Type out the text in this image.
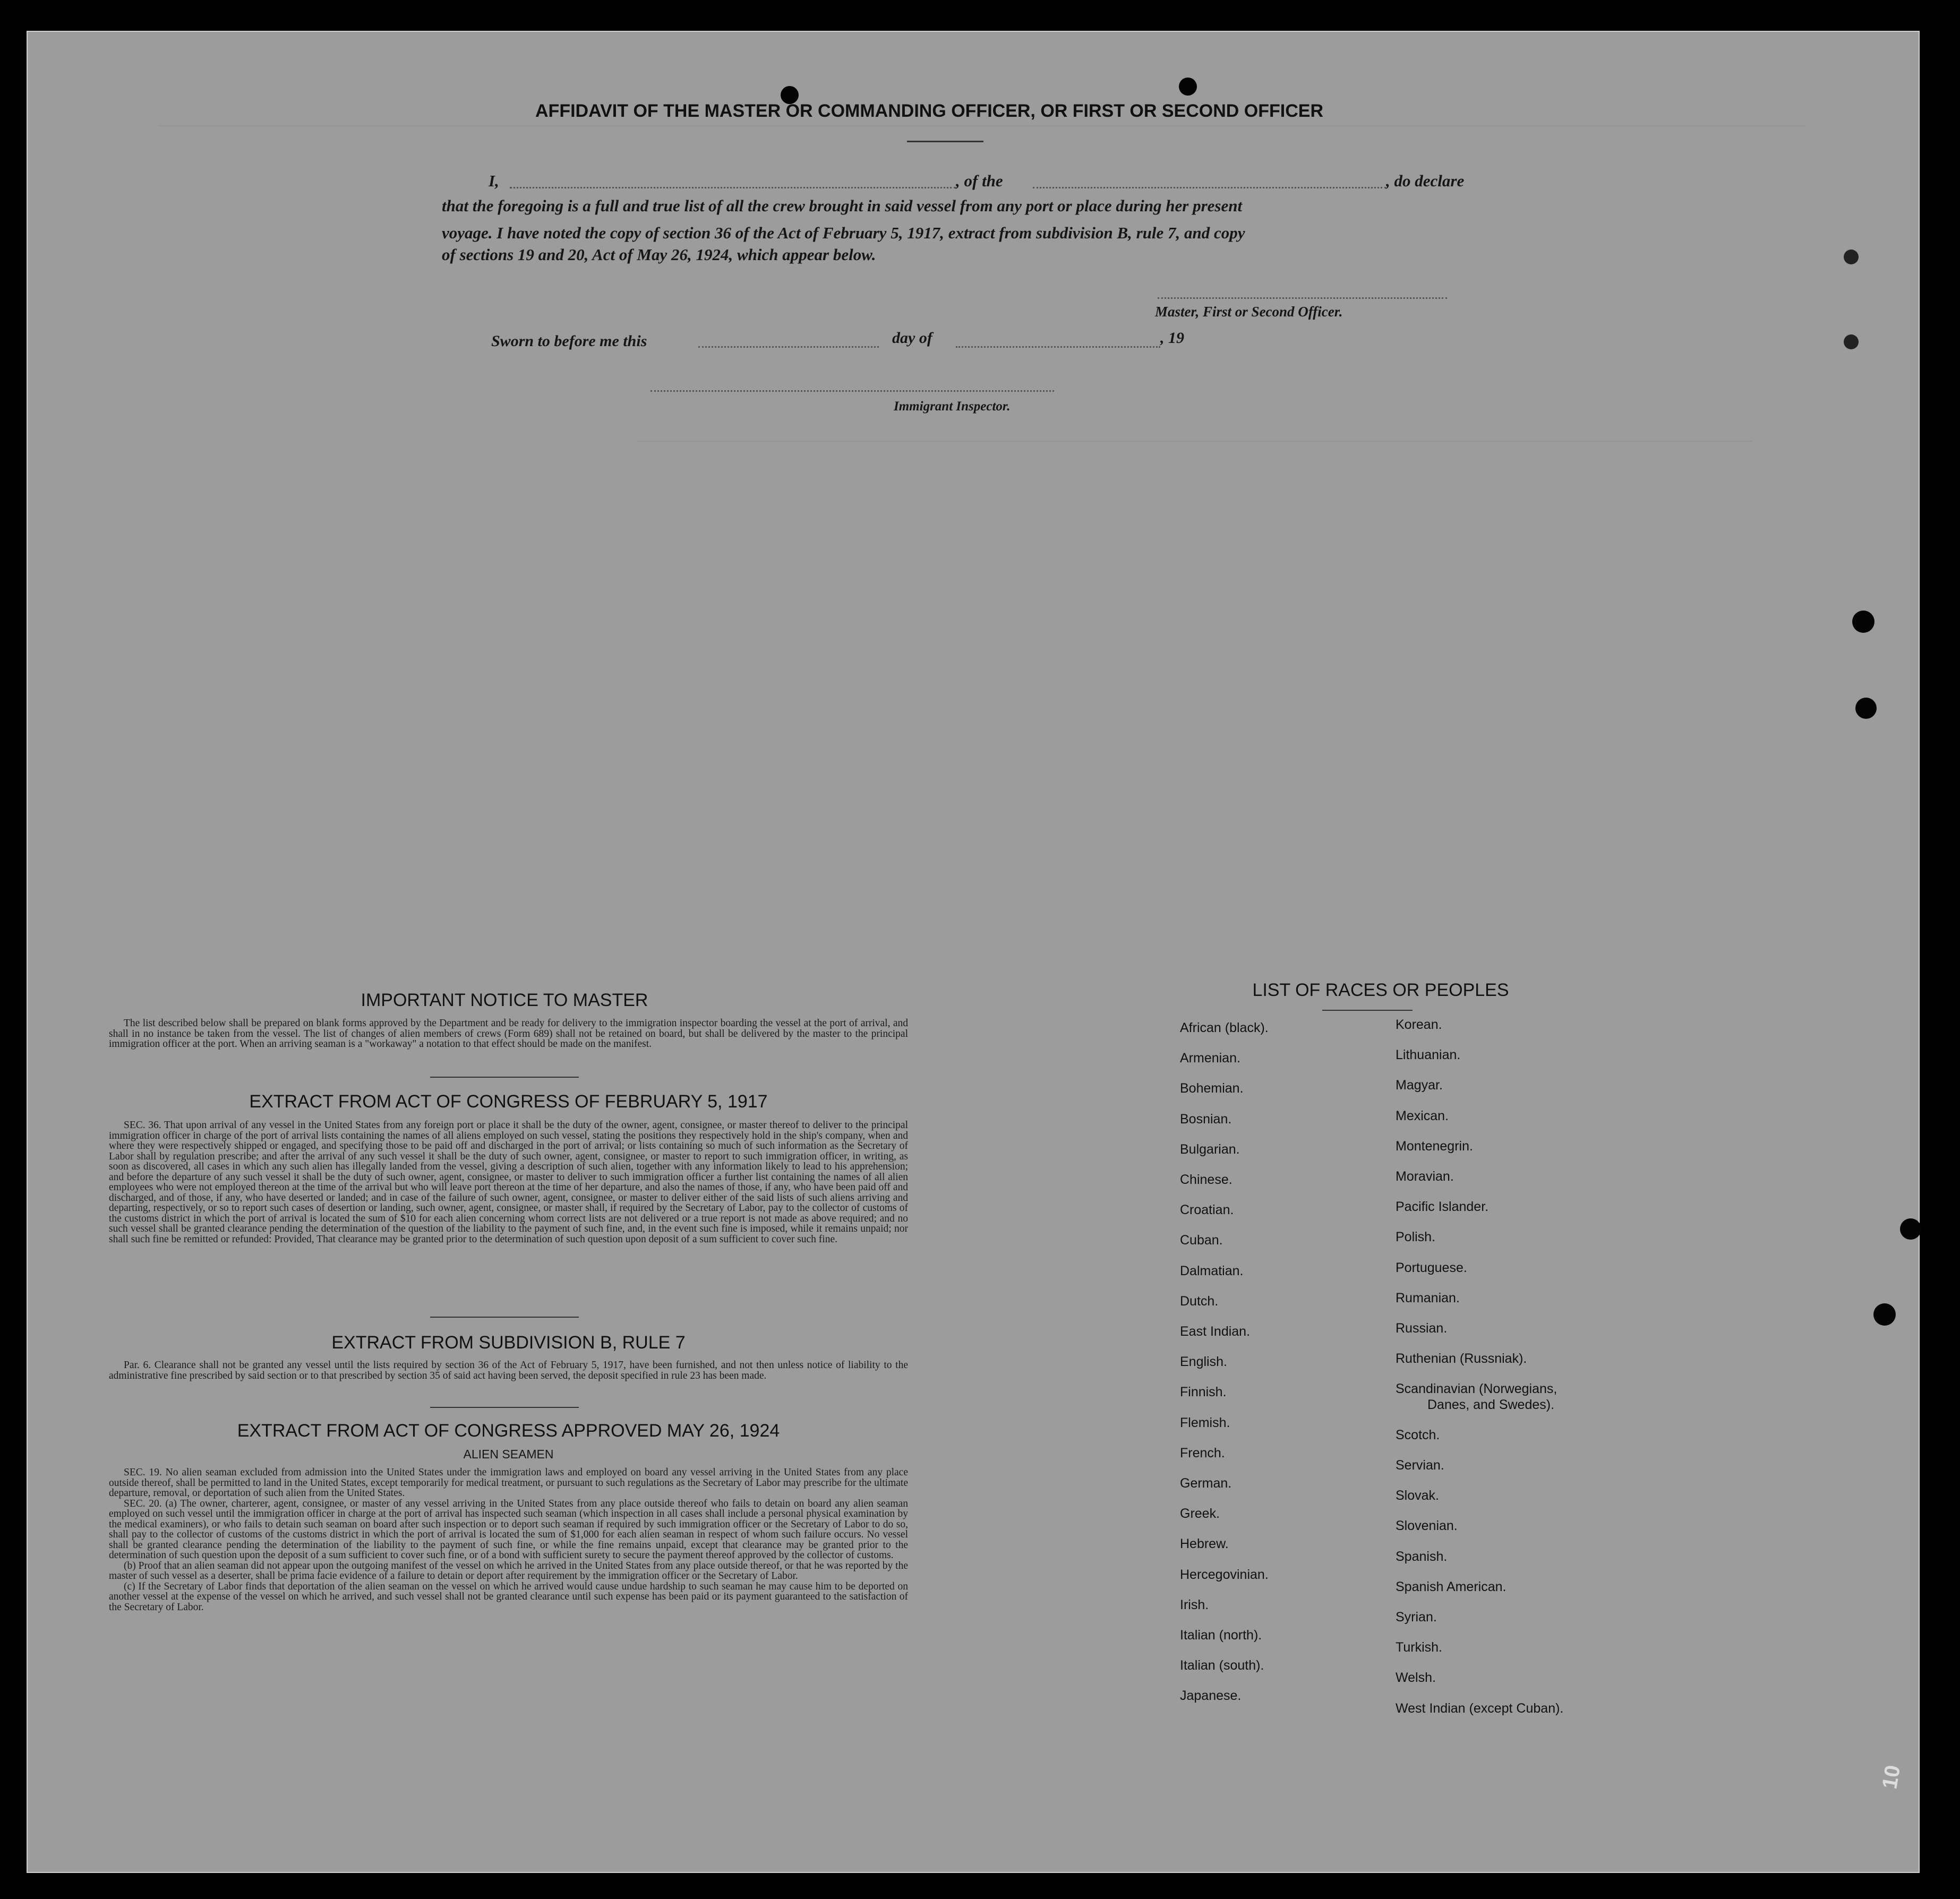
AFFIDAVIT OF THE MASTER OR COMMANDING OFFICER, OR FIRST OR SECOND OFFICER
I,	, of the	, do declare
that the foregoing is a full and true list of all the crew brought in said vessel from any port or place during her present
voyage. I have noted the copy of section 36 of the Act of February 5, 1917, extract from subdivision B, rule 7, and copy
of sections 19 and 20, Act of May 26, 1924, which appear below.
Master, First or Second Officer.
Sworn to before me this	day of	, 19
Immigrant Inspector.
IMPORTANT NOTICE TO MASTER

The list described below shall be prepared on blank forms approved by the Department and be ready for delivery to the immigration inspector boarding the vessel at the port of arrival, and shall in no instance be taken from the vessel. The list of changes of alien members of crews (Form 689) shall not be retained on board, but shall be delivered by the master to the principal immigration officer at the port. When an arriving seaman is a "workaway" a notation to that effect should be made on the manifest.

EXTRACT FROM ACT OF CONGRESS OF FEBRUARY 5, 1917

SEC. 36. That upon arrival of any vessel in the United States from any foreign port or place it shall be the duty of the owner, agent, consignee, or master thereof to deliver to the principal immigration officer in charge of the port of arrival lists containing the names of all aliens employed on such vessel, stating the positions they respectively hold in the ship's company, when and where they were respectively shipped or engaged, and specifying those to be paid off and discharged in the port of arrival; or lists containing so much of such information as the Secretary of Labor shall by regulation prescribe; and after the arrival of any such vessel it shall be the duty of such owner, agent, consignee, or master to report to such immigration officer, in writing, as soon as discovered, all cases in which any such alien has illegally landed from the vessel, giving a description of such alien, together with any information likely to lead to his apprehension; and before the departure of any such vessel it shall be the duty of such owner, agent, consignee, or master to deliver to such immigration officer a further list containing the names of all alien employees who were not employed thereon at the time of the arrival but who will leave port thereon at the time of her departure, and also the names of those, if any, who have been paid off and discharged, and of those, if any, who have deserted or landed; and in case of the failure of such owner, agent, consignee, or master to deliver either of the said lists of such aliens arriving and departing, respectively, or so to report such cases of desertion or landing, such owner, agent, consignee, or master shall, if required by the Secretary of Labor, pay to the collector of customs of the customs district in which the port of arrival is located the sum of $10 for each alien concerning whom correct lists are not delivered or a true report is not made as above required; and no such vessel shall be granted clearance pending the determination of the question of the liability to the payment of such fine, and, in the event such fine is imposed, while it remains unpaid; nor shall such fine be remitted or refunded: Provided, That clearance may be granted prior to the determination of such question upon deposit of a sum sufficient to cover such fine.

EXTRACT FROM SUBDIVISION B, RULE 7

Par. 6. Clearance shall not be granted any vessel until the lists required by section 36 of the Act of February 5, 1917, have been furnished, and not then unless notice of liability to the administrative fine prescribed by said section or to that prescribed by section 35 of said act having been served, the deposit specified in rule 23 has been made.

EXTRACT FROM ACT OF CONGRESS APPROVED MAY 26, 1924
ALIEN SEAMEN

SEC. 19. No alien seaman excluded from admission into the United States under the immigration laws and employed on board any vessel arriving in the United States from any place outside thereof, shall be permitted to land in the United States, except temporarily for medical treatment, or pursuant to such regulations as the Secretary of Labor may prescribe for the ultimate departure, removal, or deportation of such alien from the United States.

SEC. 20. (a) The owner, charterer, agent, consignee, or master of any vessel arriving in the United States from any place outside thereof who fails to detain on board any alien seaman employed on such vessel until the immigration officer in charge at the port of arrival has inspected such seaman (which inspection in all cases shall include a personal physical examination by the medical examiners), or who fails to detain such seaman on board after such inspection or to deport such seaman if required by such immigration officer or the Secretary of Labor to do so, shall pay to the collector of customs of the customs district in which the port of arrival is located the sum of $1,000 for each alien seaman in respect of whom such failure occurs. No vessel shall be granted clearance pending the determination of the liability to the payment of such fine, or while the fine remains unpaid, except that clearance may be granted prior to the determination of such question upon the deposit of a sum sufficient to cover such fine, or of a bond with sufficient surety to secure the payment thereof approved by the collector of customs.

(b) Proof that an alien seaman did not appear upon the outgoing manifest of the vessel on which he arrived in the United States from any place outside thereof, or that he was reported by the master of such vessel as a deserter, shall be prima facie evidence of a failure to detain or deport after requirement by the immigration officer or the Secretary of Labor.

(c) If the Secretary of Labor finds that deportation of the alien seaman on the vessel on which he arrived would cause undue hardship to such seaman he may cause him to be deported on another vessel at the expense of the vessel on which he arrived, and such vessel shall not be granted clearance until such expense has been paid or its payment guaranteed to the satisfaction of the Secretary of Labor.

LIST OF RACES OR PEOPLES
African (black).
Armenian.
Bohemian.
Bosnian.
Bulgarian.
Chinese.
Croatian.
Cuban.
Dalmatian.
Dutch.
East Indian.
English.
Finnish.
Flemish.
French.
German.
Greek.
Hebrew.
Hercegovinian.
Irish.
Italian (north).
Italian (south).
Japanese.
Korean.
Lithuanian.
Magyar.
Mexican.
Montenegrin.
Moravian.
Pacific Islander.
Polish.
Portuguese.
Rumanian.
Russian.
Ruthenian (Russniak).
Scandinavian (Norwegians,
Danes, and Swedes).
Scotch.
Servian.
Slovak.
Slovenian.
Spanish.
Spanish American.
Syrian.
Turkish.
Welsh.
West Indian (except Cuban).
10
